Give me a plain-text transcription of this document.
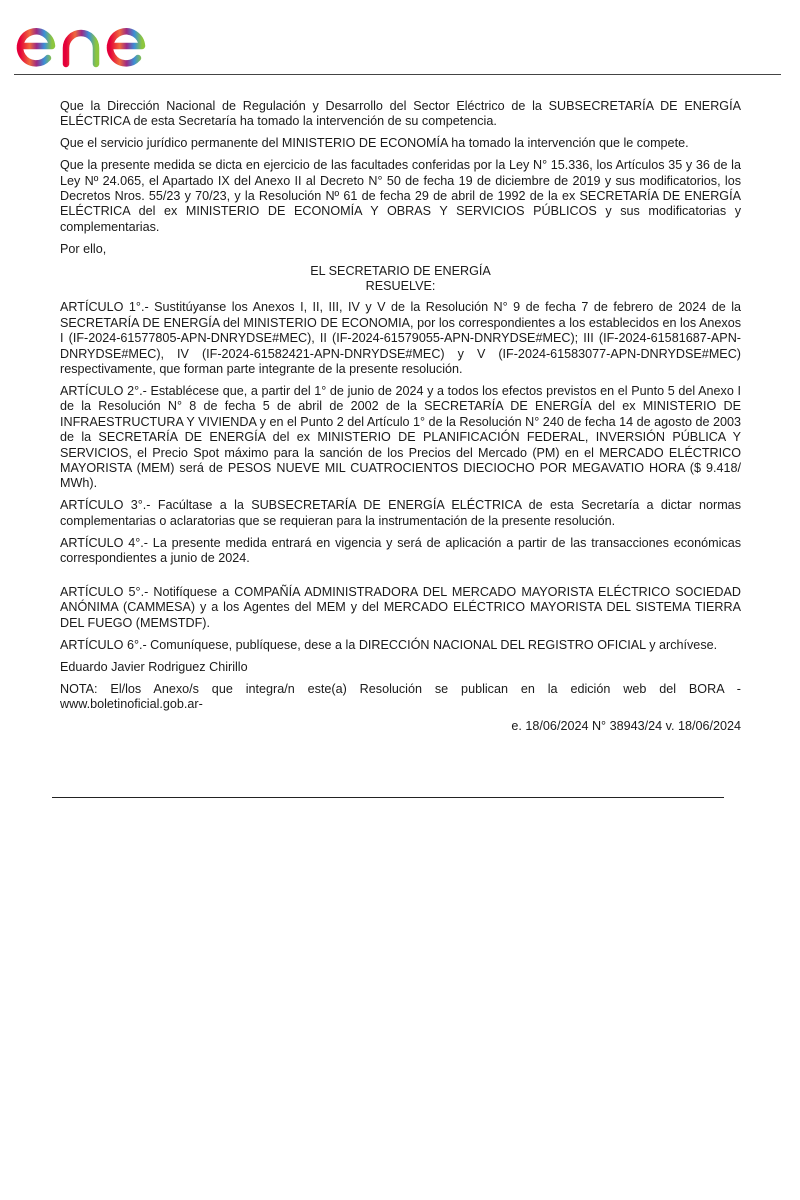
Que la Dirección Nacional de Regulación y Desarrollo del Sector Eléctrico de la SUBSECRETARÍA DE ENERGÍA ELÉCTRICA de esta Secretaría ha tomado la intervención de su competencia.

Que el servicio jurídico permanente del MINISTERIO DE ECONOMÍA ha tomado la intervención que le compete.

Que la presente medida se dicta en ejercicio de las facultades conferidas por la Ley N° 15.336, los Artículos 35 y 36 de la Ley Nº 24.065, el Apartado IX del Anexo II al Decreto N° 50 de fecha 19 de diciembre de 2019 y sus modificatorios, los Decretos Nros. 55/23 y 70/23, y la Resolución Nº 61 de fecha 29 de abril de 1992 de la ex SECRETARÍA DE ENERGÍA ELÉCTRICA del ex MINISTERIO DE ECONOMÍA Y OBRAS Y SERVICIOS PÚBLICOS y sus modificatorias y complementarias.

Por ello,

EL SECRETARIO DE ENERGÍA
RESUELVE:

ARTÍCULO 1°.- Sustitúyanse los Anexos I, II, III, IV y V de la Resolución N° 9 de fecha 7 de febrero de 2024 de la SECRETARÍA DE ENERGÍA del MINISTERIO DE ECONOMIA, por los correspondientes a los establecidos en los Anexos I (IF-2024-61577805-APN-DNRYDSE#MEC), II (IF-2024-61579055-APN-DNRYDSE#MEC); III (IF-2024-61581687-APN-DNRYDSE#MEC), IV (IF-2024-61582421-APN-DNRYDSE#MEC) y V (IF-2024-61583077-APN-DNRYDSE#MEC) respectivamente, que forman parte integrante de la presente resolución.

ARTÍCULO 2°.- Establécese que, a partir del 1° de junio de 2024 y a todos los efectos previstos en el Punto 5 del Anexo I de la Resolución N° 8 de fecha 5 de abril de 2002 de la SECRETARÍA DE ENERGÍA del ex MINISTERIO DE INFRAESTRUCTURA Y VIVIENDA y en el Punto 2 del Artículo 1° de la Resolución N° 240 de fecha 14 de agosto de 2003 de la SECRETARÍA DE ENERGÍA del ex MINISTERIO DE PLANIFICACIÓN FEDERAL, INVERSIÓN PÚBLICA Y SERVICIOS, el Precio Spot máximo para la sanción de los Precios del Mercado (PM) en el MERCADO ELÉCTRICO MAYORISTA (MEM) será de PESOS NUEVE MIL CUATROCIENTOS DIECIOCHO POR MEGAVATIO HORA ($ 9.418/ MWh).

ARTÍCULO 3°.- Facúltase a la SUBSECRETARÍA DE ENERGÍA ELÉCTRICA de esta Secretaría a dictar normas complementarias o aclaratorias que se requieran para la instrumentación de la presente resolución.

ARTÍCULO 4°.- La presente medida entrará en vigencia y será de aplicación a partir de las transacciones económicas correspondientes a junio de 2024.

ARTÍCULO 5°.- Notifíquese a COMPAÑÍA ADMINISTRADORA DEL MERCADO MAYORISTA ELÉCTRICO SOCIEDAD ANÓNIMA (CAMMESA) y a los Agentes del MEM y del MERCADO ELÉCTRICO MAYORISTA DEL SISTEMA TIERRA DEL FUEGO (MEMSTDF).

ARTÍCULO 6°.- Comuníquese, publíquese, dese a la DIRECCIÓN NACIONAL DEL REGISTRO OFICIAL y archívese.

Eduardo Javier Rodriguez Chirillo

NOTA: El/los Anexo/s que integra/n este(a) Resolución se publican en la edición web del BORA -www.boletinoficial.gob.ar-

e. 18/06/2024 N° 38943/24 v. 18/06/2024
